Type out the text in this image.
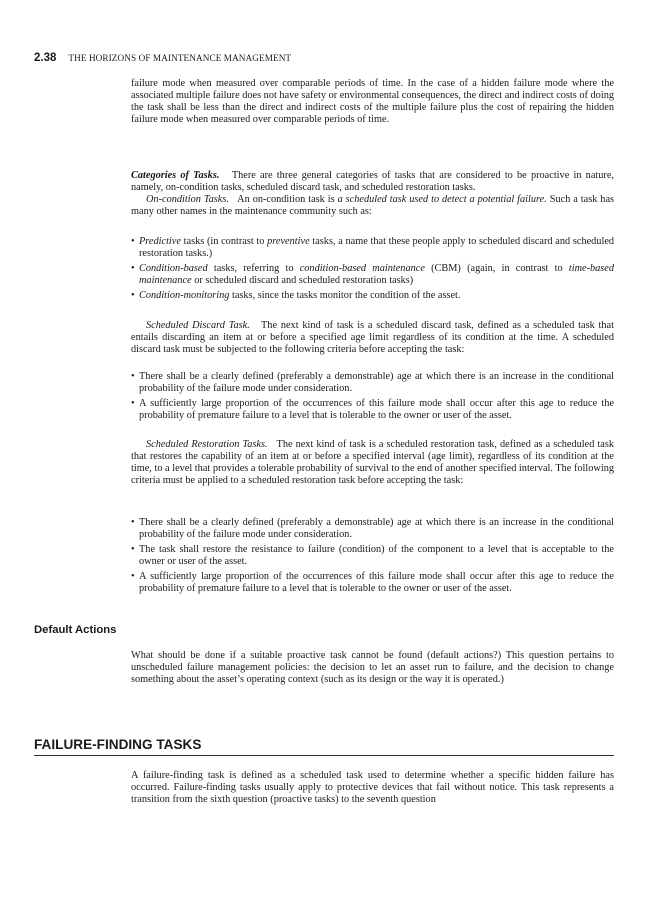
2.38 THE HORIZONS OF MAINTENANCE MANAGEMENT

failure mode when measured over comparable periods of time. In the case of a hidden failure mode where the associated multiple failure does not have safety or environmental consequences, the direct and indirect costs of doing the task shall be less than the direct and indirect costs of the multiple failure plus the cost of repairing the hidden failure mode when measured over comparable periods of time.

Categories of Tasks. There are three general categories of tasks that are considered to be proactive in nature, namely, on-condition tasks, scheduled discard task, and scheduled restoration tasks.

On-condition Tasks. An on-condition task is a scheduled task used to detect a potential failure. Such a task has many other names in the maintenance community such as:

• Predictive tasks (in contrast to preventive tasks, a name that these people apply to scheduled discard and scheduled restoration tasks.)
• Condition-based tasks, referring to condition-based maintenance (CBM) (again, in contrast to time-based maintenance or scheduled discard and scheduled restoration tasks)
• Condition-monitoring tasks, since the tasks monitor the condition of the asset.

Scheduled Discard Task. The next kind of task is a scheduled discard task, defined as a scheduled task that entails discarding an item at or before a specified age limit regardless of its condition at the time. A scheduled discard task must be subjected to the following criteria before accepting the task:

• There shall be a clearly defined (preferably a demonstrable) age at which there is an increase in the conditional probability of the failure mode under consideration.
• A sufficiently large proportion of the occurrences of this failure mode shall occur after this age to reduce the probability of premature failure to a level that is tolerable to the owner or user of the asset.

Scheduled Restoration Tasks. The next kind of task is a scheduled restoration task, defined as a scheduled task that restores the capability of an item at or before a specified interval (age limit), regardless of its condition at the time, to a level that provides a tolerable probability of survival to the end of another specified interval. The following criteria must be applied to a scheduled restoration task before accepting the task:

• There shall be a clearly defined (preferably a demonstrable) age at which there is an increase in the conditional probability of the failure mode under consideration.
• The task shall restore the resistance to failure (condition) of the component to a level that is acceptable to the owner or user of the asset.
• A sufficiently large proportion of the occurrences of this failure mode shall occur after this age to reduce the probability of premature failure to a level that is tolerable to the owner or user of the asset.
Default Actions

What should be done if a suitable proactive task cannot be found (default actions?) This question pertains to unscheduled failure management policies: the decision to let an asset run to failure, and the decision to change something about the asset’s operating context (such as its design or the way it is operated.)

FAILURE-FINDING TASKS

A failure-finding task is defined as a scheduled task used to determine whether a specific hidden failure has occurred. Failure-finding tasks usually apply to protective devices that fail without notice. This task represents a transition from the sixth question (proactive tasks) to the seventh question
